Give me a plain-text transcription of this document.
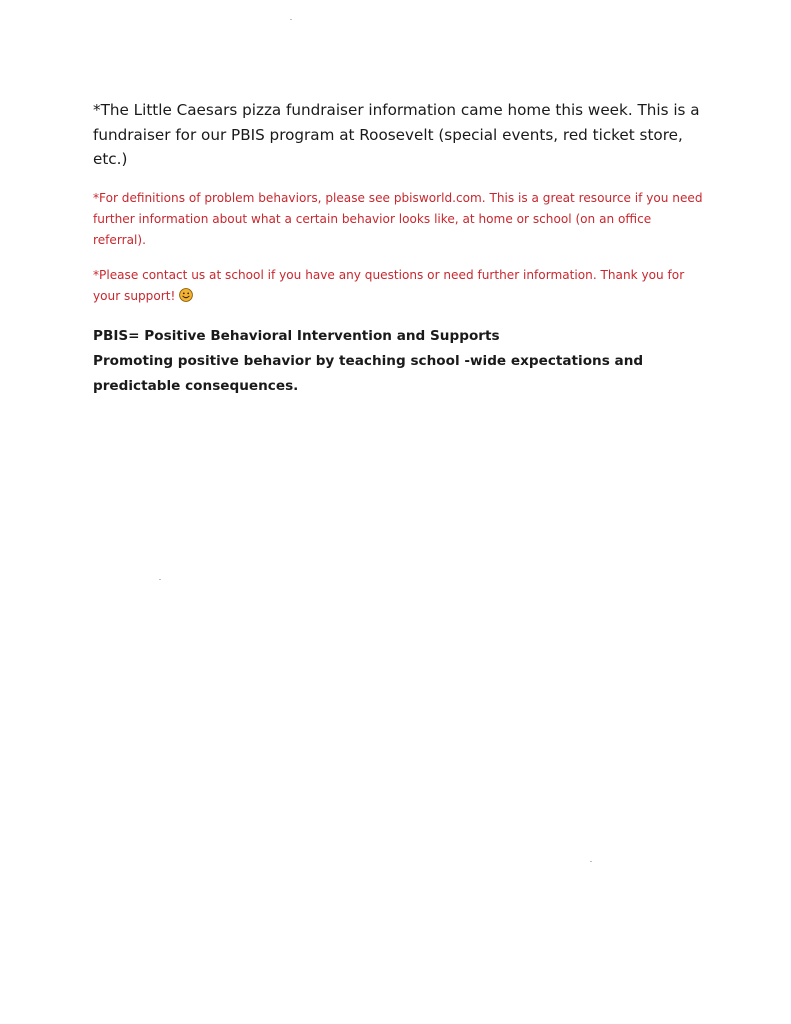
*The Little Caesars pizza fundraiser information came home this week. This is a fundraiser for our PBIS program at Roosevelt (special events, red ticket store, etc.)

*For definitions of problem behaviors, please see pbisworld.com. This is a great resource if you need further information about what a certain behavior looks like, at home or school (on an office referral).

*Please contact us at school if you have any questions or need further information. Thank you for your support!

PBIS= Positive Behavioral Intervention and Supports
Promoting positive behavior by teaching school -wide expectations and predictable consequences.
